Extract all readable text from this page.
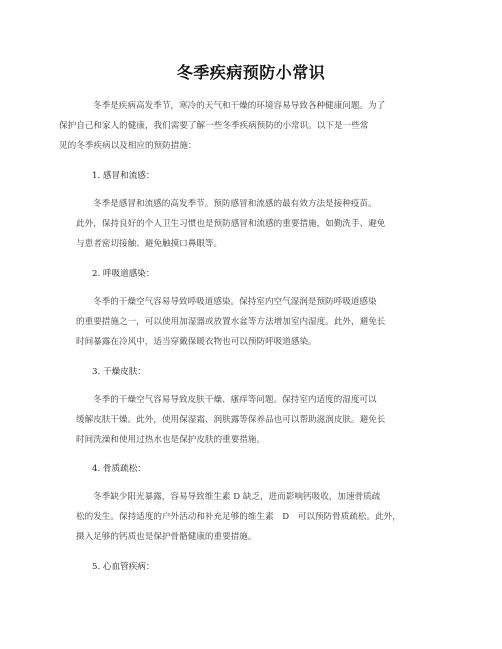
冬季疾病预防小常识
冬季是疾病高发季节，寒冷的天气和干燥的环境容易导致各种健康问题。为了
保护自己和家人的健康，我们需要了解一些冬季疾病预防的小常识。以下是一些常
见的冬季疾病以及相应的预防措施：
1. 感冒和流感：
冬季是感冒和流感的高发季节。预防感冒和流感的最有效方法是接种疫苗。
此外，保持良好的个人卫生习惯也是预防感冒和流感的重要措施，如勤洗手、避免
与患者密切接触、避免触摸口鼻眼等。
2. 呼吸道感染：
冬季的干燥空气容易导致呼吸道感染。保持室内空气湿润是预防呼吸道感染
的重要措施之一，可以使用加湿器或放置水盆等方法增加室内湿度。此外，避免长
时间暴露在冷风中，适当穿戴保暖衣物也可以预防呼吸道感染。
3. 干燥皮肤：
冬季的干燥空气容易导致皮肤干燥、瘙痒等问题。保持室内适度的湿度可以
缓解皮肤干燥。此外，使用保湿霜、润肤露等保养品也可以帮助滋润皮肤。避免长
时间洗澡和使用过热水也是保护皮肤的重要措施。
4. 骨质疏松：
冬季缺少阳光暴露，容易导致维生素 D 缺乏，进而影响钙吸收，加速骨质疏
松的发生。保持适度的户外活动和补充足够的维生素　D　可以预防骨质疏松。此外，
摄入足够的钙质也是保护骨骼健康的重要措施。
5. 心血管疾病：
